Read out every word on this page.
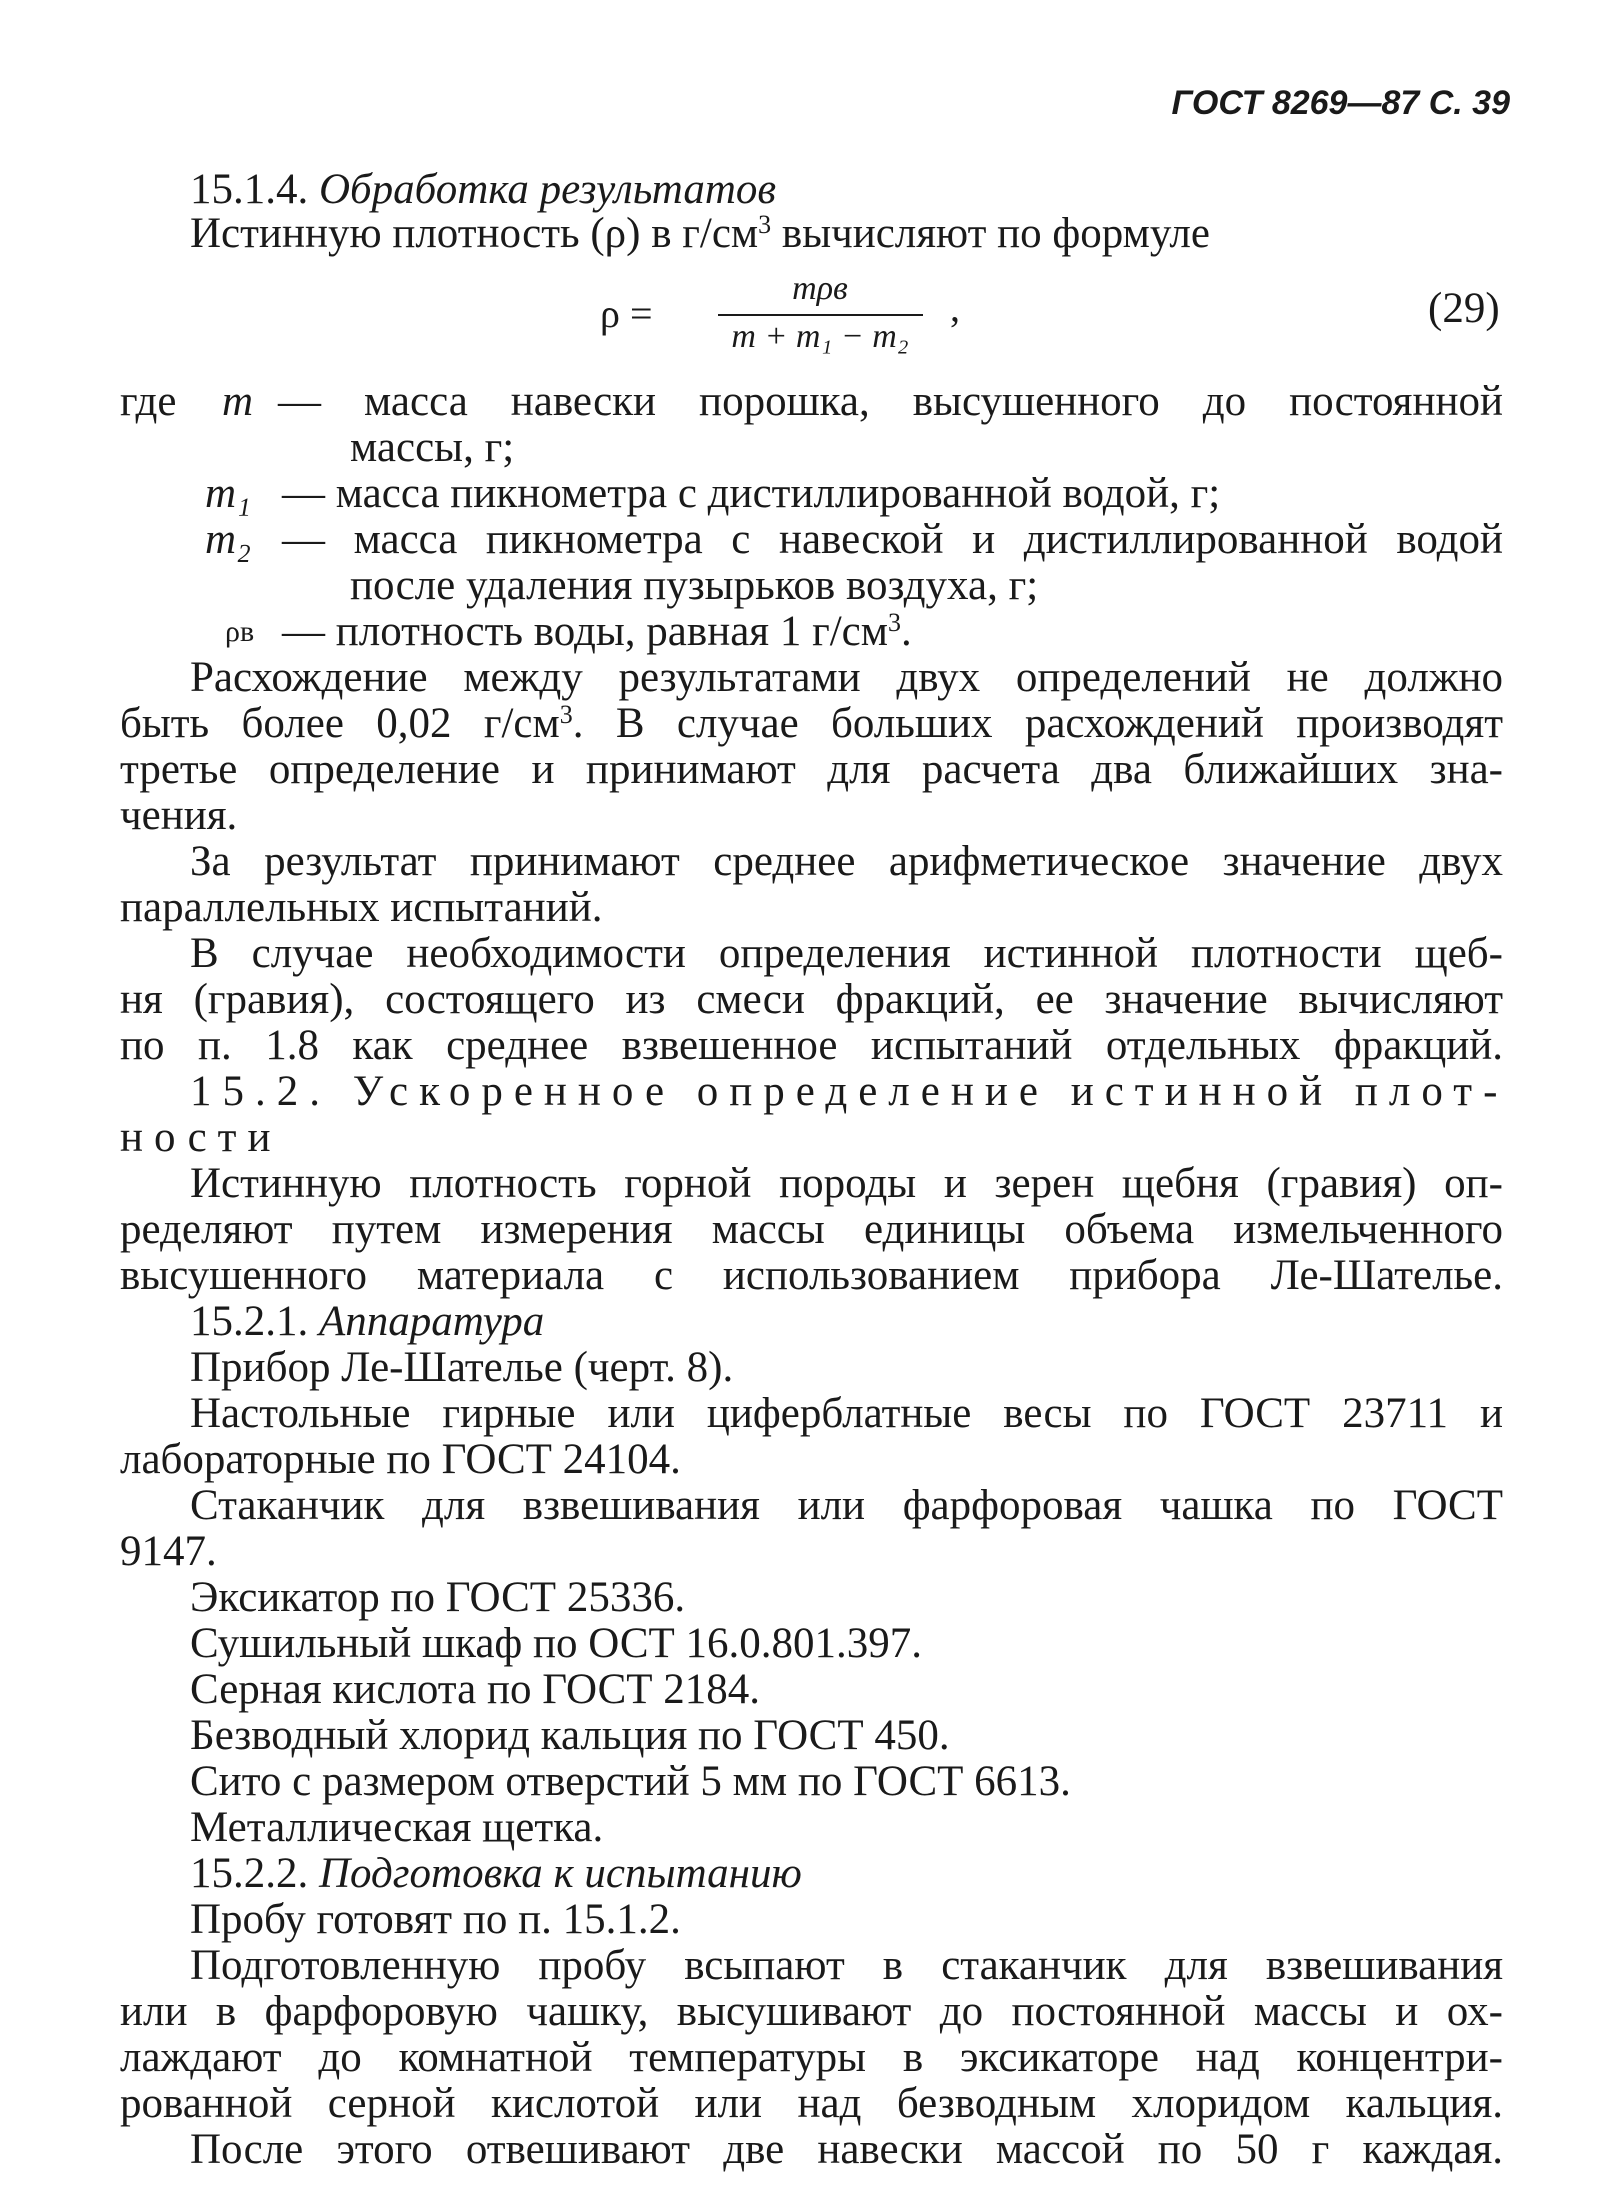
ГОСТ 8269—87 С. 39
15.1.4. Обработка результатов
Истинную плотность (ρ) в $г/см^3$ вычисляют по формуле
ρ =
mρв
m + m₁ − m₂
,	(29)
где m — масса навески порошка, высушенного до постоянной
массы, г;
m₁ — масса пикнометра с дистиллированной водой, г;
m₂ — масса пикнометра с навеской и дистиллированной водой
после удаления пузырьков воздуха, г;
ρв — плотность воды, равная 1 $г/см^3$.
Расхождение между результатами двух определений не должно
быть более 0,02 $г/см^3$. В случае больших расхождений производят
третье определение и принимают для расчета два ближайших зна-
чения.
За результат принимают среднее арифметическое значение двух
параллельных испытаний.
В случае необходимости определения истинной плотности щеб-
ня (гравия), состоящего из смеси фракций, ее значение вычисляют
по п. 1.8 как среднее взвешенное испытаний отдельных фракций.
15.2. Ускоренное определение истинной плот-
ности
Истинную плотность горной породы и зерен щебня (гравия) оп-
ределяют путем измерения массы единицы объема измельченного
высушенного материала с использованием прибора Ле-Шателье.
15.2.1. Аппаратура
Прибор Ле-Шателье (черт. 8).
Настольные гирные или циферблатные весы по ГОСТ 23711 и
лабораторные по ГОСТ 24104.
Стаканчик для взвешивания или фарфоровая чашка по ГОСТ
9147.
Эксикатор по ГОСТ 25336.
Сушильный шкаф по ОСТ 16.0.801.397.
Серная кислота по ГОСТ 2184.
Безводный хлорид кальция по ГОСТ 450.
Сито с размером отверстий 5 мм по ГОСТ 6613.
Металлическая щетка.
15.2.2. Подготовка к испытанию
Пробу готовят по п. 15.1.2.
Подготовленную пробу всыпают в стаканчик для взвешивания
или в фарфоровую чашку, высушивают до постоянной массы и ох-
лаждают до комнатной температуры в эксикаторе над концентри-
рованной серной кислотой или над безводным хлоридом кальция.
После этого отвешивают две навески массой по 50 г каждая.
